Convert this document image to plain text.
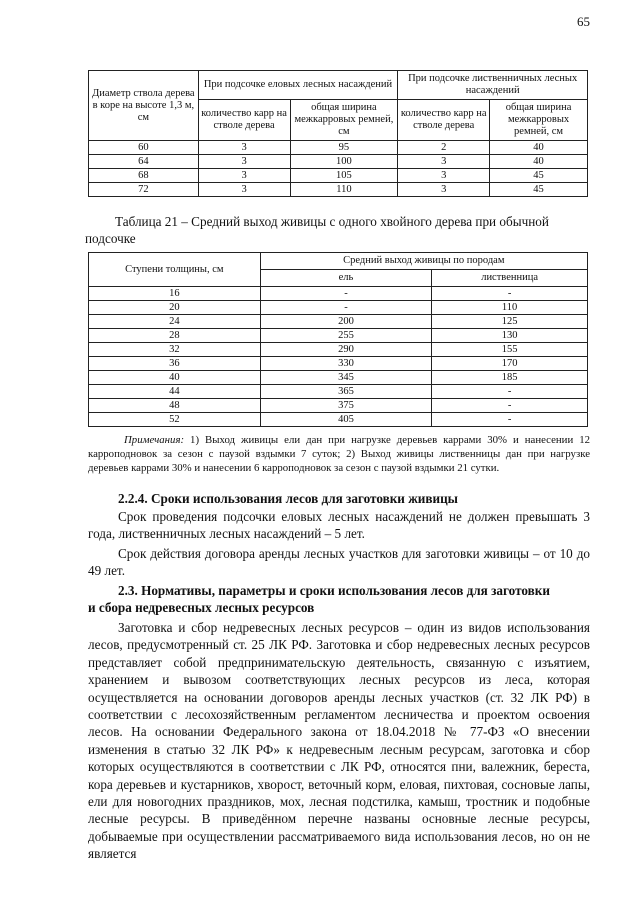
65
Диаметр ствола дерева в коре на высоте 1,3 м, см	При подсочке еловых лесных насаждений		При подсочке лиственничных лесных насаждений	
	количество карр на стволе дерева	общая ширина межкарровых ремней, см	количество карр на стволе дерева	общая ширина межкарровых ремней, см
60	3	95	2	40
64	3	100	3	40
68	3	105	3	45
72	3	110	3	45
Таблица 21 – Средний выход живицы с одного хвойного дерева при обычной
подсочке
Ступени толщины, см	Средний выход живицы по породам	
	ель	лиственница
16	-	-
20	-	110
24	200	125
28	255	130
32	290	155
36	330	170
40	345	185
44	365	-
48	375	-
52	405	-
Примечания: 1) Выход живицы ели дан при нагрузке деревьев каррами 30% и нанесении 12 карроподновок за сезон с паузой вздымки 7 суток; 2) Выход живицы лиственницы дан при нагрузке деревьев каррами 30% и нанесении 6 карроподновок за сезон с паузой вздымки 21 сутки.
2.2.4. Сроки использования лесов для заготовки живицы
Срок проведения подсочки еловых лесных насаждений не должен превышать 3 года, лиственничных лесных насаждений – 5 лет.
Срок действия договора аренды лесных участков для заготовки живицы – от 10 до 49 лет.
2.3. Нормативы, параметры и сроки использования лесов для заготовки
и сбора недревесных лесных ресурсов
Заготовка и сбор недревесных лесных ресурсов – один из видов использования лесов, предусмотренный ст. 25 ЛК РФ. Заготовка и сбор недревесных лесных ресурсов представляет собой предпринимательскую деятельность, связанную с изъятием, хранением и вывозом соответствующих лесных ресурсов из леса, которая осуществляется на основании договоров аренды лесных участков (ст. 32 ЛК РФ) в соответствии с лесохозяйственным регламентом лесничества и проектом освоения лесов. На основании Федерального закона от 18.04.2018 № 77-ФЗ «О внесении изменения в статью 32 ЛК РФ» к недревесным лесным ресурсам, заготовка и сбор которых осуществляются в соответствии с ЛК РФ, относятся пни, валежник, береста, кора деревьев и кустарников, хворост, веточный корм, еловая, пихтовая, сосновые лапы, ели для новогодних праздников, мох, лесная подстилка, камыш, тростник и подобные лесные ресурсы. В приведённом перечне названы основные лесные ресурсы, добываемые при осуществлении рассматриваемого вида использования лесов, но он не является
